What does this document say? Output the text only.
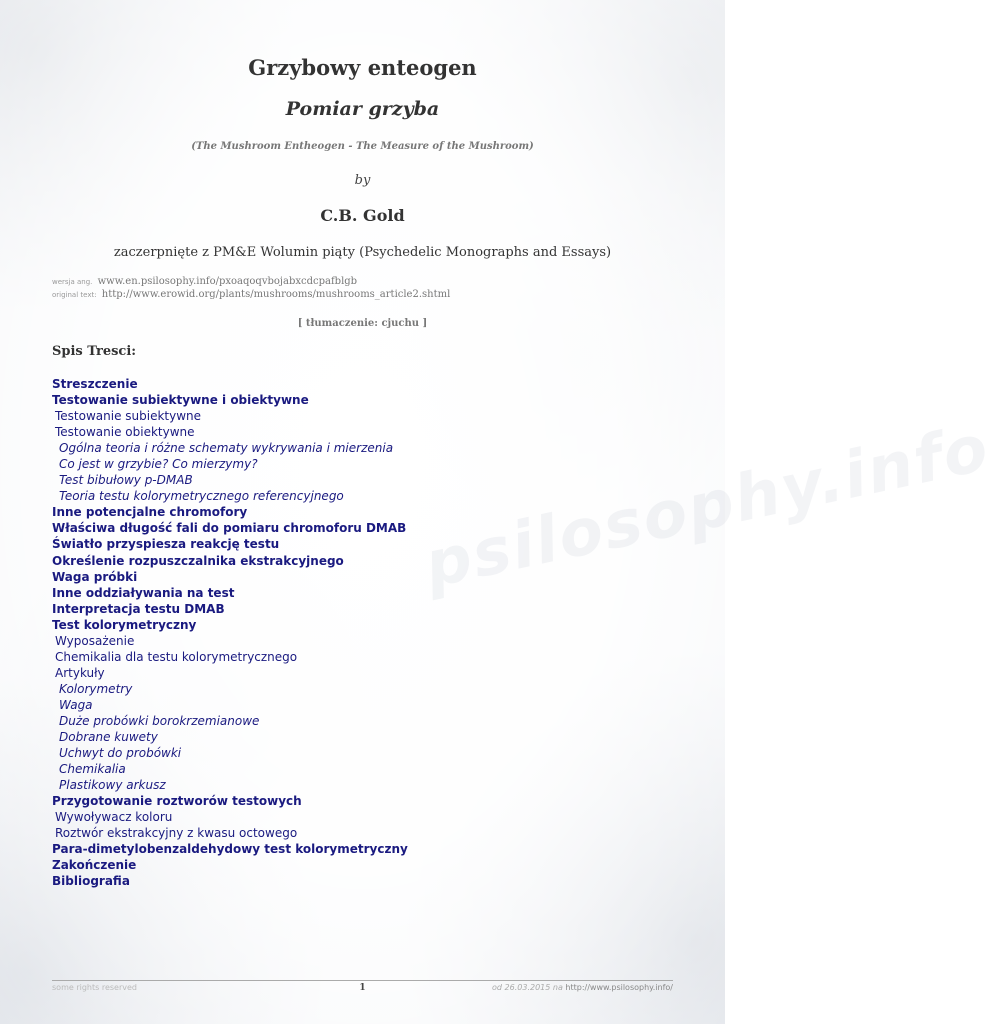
psilosophy.info
Grzybowy enteogen
Pomiar grzyba
(The Mushroom Entheogen - The Measure of the Mushroom)
by
C.B. Gold
zaczerpnięte z PM&E Wolumin piąty (Psychedelic Monographs and Essays)
wersja ang. www.en.psilosophy.info/pxoaqoqvbojabxcdcpafblgb
original text: http://www.erowid.org/plants/mushrooms/mushrooms_article2.shtml
[ tłumaczenie: cjuchu ]
Spis Tresci:
Streszczenie
Testowanie subiektywne i obiektywne
Testowanie subiektywne
Testowanie obiektywne
Ogólna teoria i różne schematy wykrywania i mierzenia
Co jest w grzybie? Co mierzymy?
Test bibułowy p-DMAB
Teoria testu kolorymetrycznego referencyjnego
Inne potencjalne chromofory
Właściwa długość fali do pomiaru chromoforu DMAB
Światło przyspiesza reakcję testu
Określenie rozpuszczalnika ekstrakcyjnego
Waga próbki
Inne oddziaływania na test
Interpretacja testu DMAB
Test kolorymetryczny
Wyposażenie
Chemikalia dla testu kolorymetrycznego
Artykuły
Kolorymetry
Waga
Duże probówki borokrzemianowe
Dobrane kuwety
Uchwyt do probówki
Chemikalia
Plastikowy arkusz
Przygotowanie roztworów testowych
Wywoływacz koloru
Roztwór ekstrakcyjny z kwasu octowego
Para-dimetylobenzaldehydowy test kolorymetryczny
Zakończenie
Bibliografia
some rights reserved	1	od 26.03.2015 na http://www.psilosophy.info/
